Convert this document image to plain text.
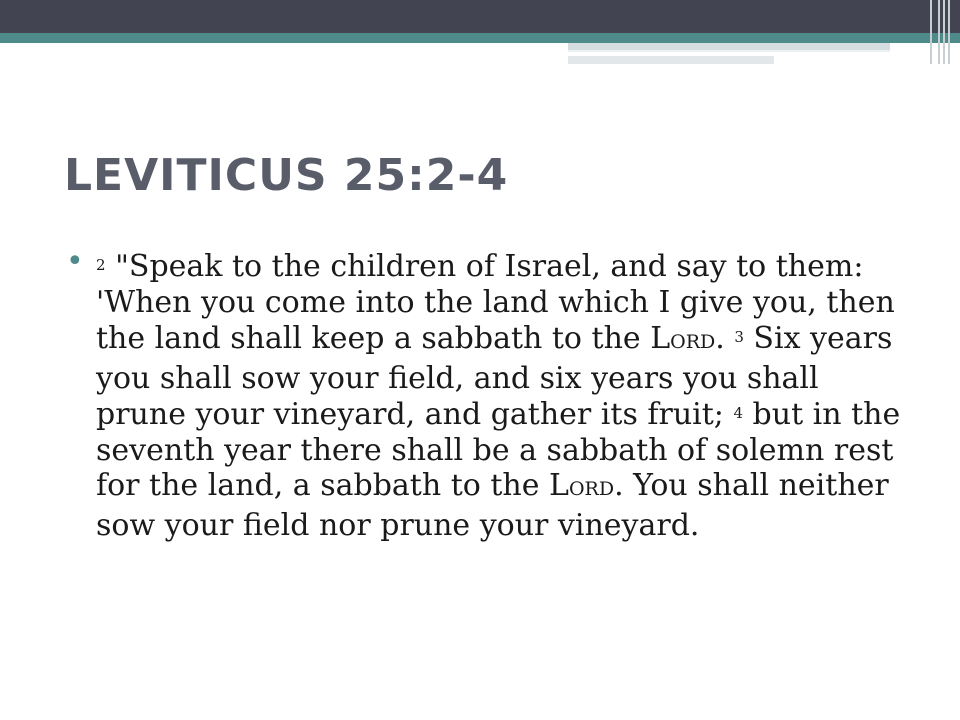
LEVITICUS 25:2-4
• $^2$ "Speak to the children of Israel, and say to them: 'When you come into the land which I give you, then the land shall keep a sabbath to the LORD. $^3$ Six years you shall sow your field, and six years you shall prune your vineyard, and gather its fruit; $^4$ but in the seventh year there shall be a sabbath of solemn rest for the land, a sabbath to the LORD. You shall neither sow your field nor prune your vineyard.
